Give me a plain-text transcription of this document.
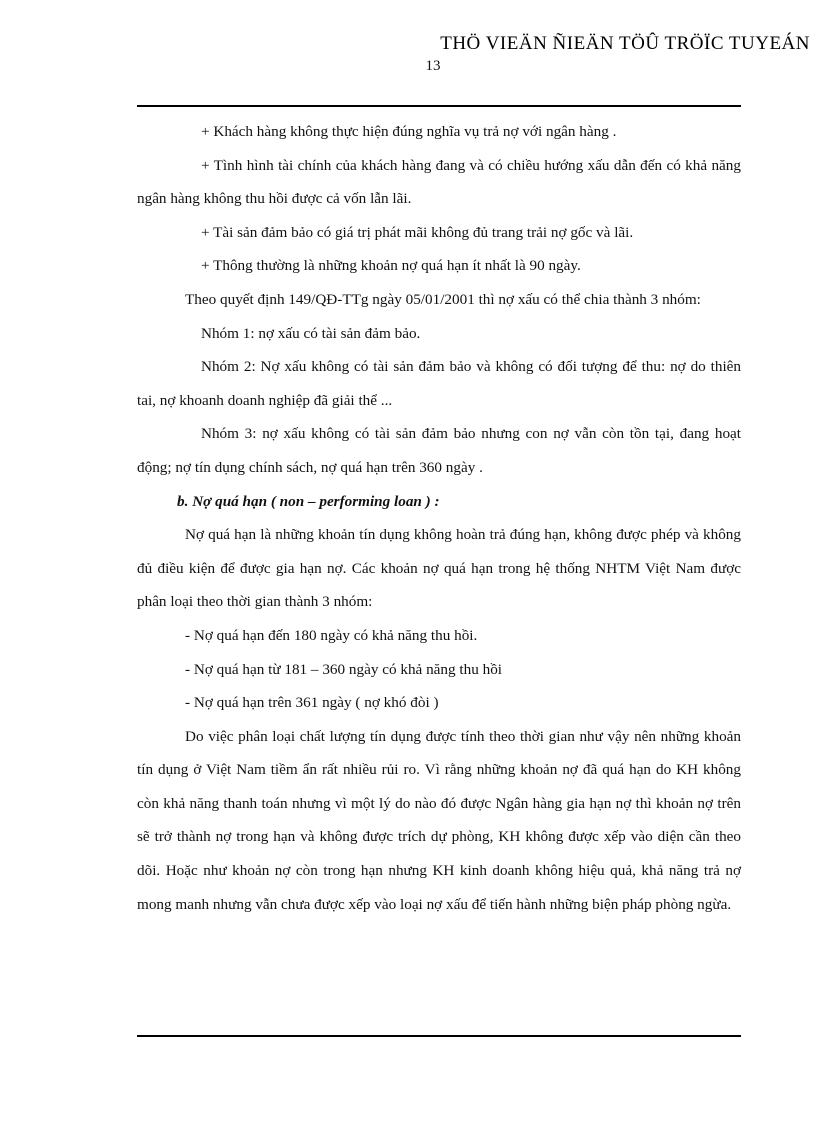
THÖ VIEÄN ÑIEÄN TÖÛ TRÖÏC TUYEÁN
13

+ Khách hàng không thực hiện đúng nghĩa vụ trả nợ với ngân hàng .

+ Tình hình tài chính của khách hàng đang và có chiều hướng xấu dẫn đến có khả năng ngân hàng không thu hồi được cả vốn lẫn lãi.

+ Tài sản đảm bảo có giá trị phát mãi không đủ trang trải nợ gốc và lãi.

+ Thông thường là những khoản nợ quá hạn ít nhất là 90 ngày.

Theo quyết định 149/QĐ-TTg ngày 05/01/2001 thì nợ xấu có thể chia thành 3 nhóm:

Nhóm 1: nợ xấu có tài sản đảm bảo.

Nhóm 2: Nợ xấu không có tài sản đảm bảo và không có đối tượng để thu: nợ do thiên tai, nợ khoanh doanh nghiệp đã giải thể ...

Nhóm 3: nợ xấu không có tài sản đảm bảo nhưng con nợ vẫn còn tồn tại, đang hoạt động; nợ tín dụng chính sách, nợ quá hạn trên 360 ngày .

b. Nợ quá hạn ( non – performing loan ) :

Nợ quá hạn là những khoản tín dụng không hoàn trả đúng hạn, không được phép và không đủ điều kiện để được gia hạn nợ. Các khoản nợ quá hạn trong hệ thống NHTM Việt Nam được phân loại theo thời gian thành 3 nhóm:

- Nợ quá hạn đến 180 ngày có khả năng thu hồi.

- Nợ quá hạn từ 181 – 360 ngày có khả năng thu hồi

- Nợ quá hạn trên 361 ngày ( nợ khó đòi )

Do việc phân loại chất lượng tín dụng được tính theo thời gian như vậy nên những khoản tín dụng ở Việt Nam tiềm ẩn rất nhiều rủi ro. Vì rằng những khoản nợ đã quá hạn do KH không còn khả năng thanh toán nhưng vì một lý do nào đó được Ngân hàng gia hạn nợ thì khoản nợ trên sẽ trở thành nợ trong hạn và không được trích dự phòng, KH không được xếp vào diện cần theo dõi. Hoặc như khoản nợ còn trong hạn nhưng KH kinh doanh không hiệu quả, khả năng trả nợ mong manh nhưng vẫn chưa được xếp vào loại nợ xấu để tiến hành những biện pháp phòng ngừa.
